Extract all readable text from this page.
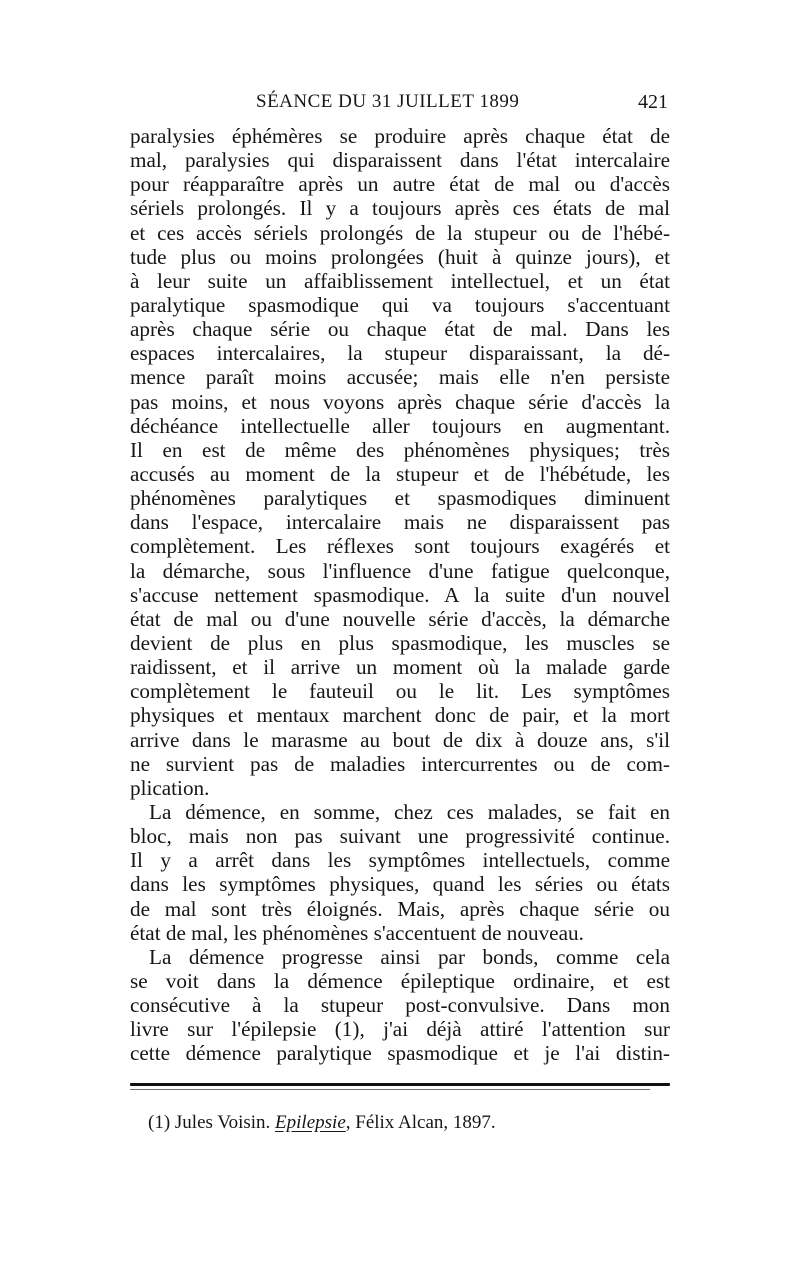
SÉANCE DU 31 JUILLET 1899	421
paralysies éphémères se produire après chaque état de
mal, paralysies qui disparaissent dans l'état intercalaire
pour réapparaître après un autre état de mal ou d'accès
sériels prolongés. Il y a toujours après ces états de mal
et ces accès sériels prolongés de la stupeur ou de l'hébé-
tude plus ou moins prolongées (huit à quinze jours), et
à leur suite un affaiblissement intellectuel, et un état
paralytique spasmodique qui va toujours s'accentuant
après chaque série ou chaque état de mal. Dans les
espaces intercalaires, la stupeur disparaissant, la dé-
mence paraît moins accusée; mais elle n'en persiste
pas moins, et nous voyons après chaque série d'accès la
déchéance intellectuelle aller toujours en augmentant.
Il en est de même des phénomènes physiques; très
accusés au moment de la stupeur et de l'hébétude, les
phénomènes paralytiques et spasmodiques diminuent
dans l'espace, intercalaire mais ne disparaissent pas
complètement. Les réflexes sont toujours exagérés et
la démarche, sous l'influence d'une fatigue quelconque,
s'accuse nettement spasmodique. A la suite d'un nouvel
état de mal ou d'une nouvelle série d'accès, la démarche
devient de plus en plus spasmodique, les muscles se
raidissent, et il arrive un moment où la malade garde
complètement le fauteuil ou le lit. Les symptômes
physiques et mentaux marchent donc de pair, et la mort
arrive dans le marasme au bout de dix à douze ans, s'il
ne survient pas de maladies intercurrentes ou de com-
plication.
La démence, en somme, chez ces malades, se fait en
bloc, mais non pas suivant une progressivité continue.
Il y a arrêt dans les symptômes intellectuels, comme
dans les symptômes physiques, quand les séries ou états
de mal sont très éloignés. Mais, après chaque série ou
état de mal, les phénomènes s'accentuent de nouveau.
La démence progresse ainsi par bonds, comme cela
se voit dans la démence épileptique ordinaire, et est
consécutive à la stupeur post-convulsive. Dans mon
livre sur l'épilepsie (1), j'ai déjà attiré l'attention sur
cette démence paralytique spasmodique et je l'ai distin-
(1) Jules Voisin. Epilepsie, Félix Alcan, 1897.
